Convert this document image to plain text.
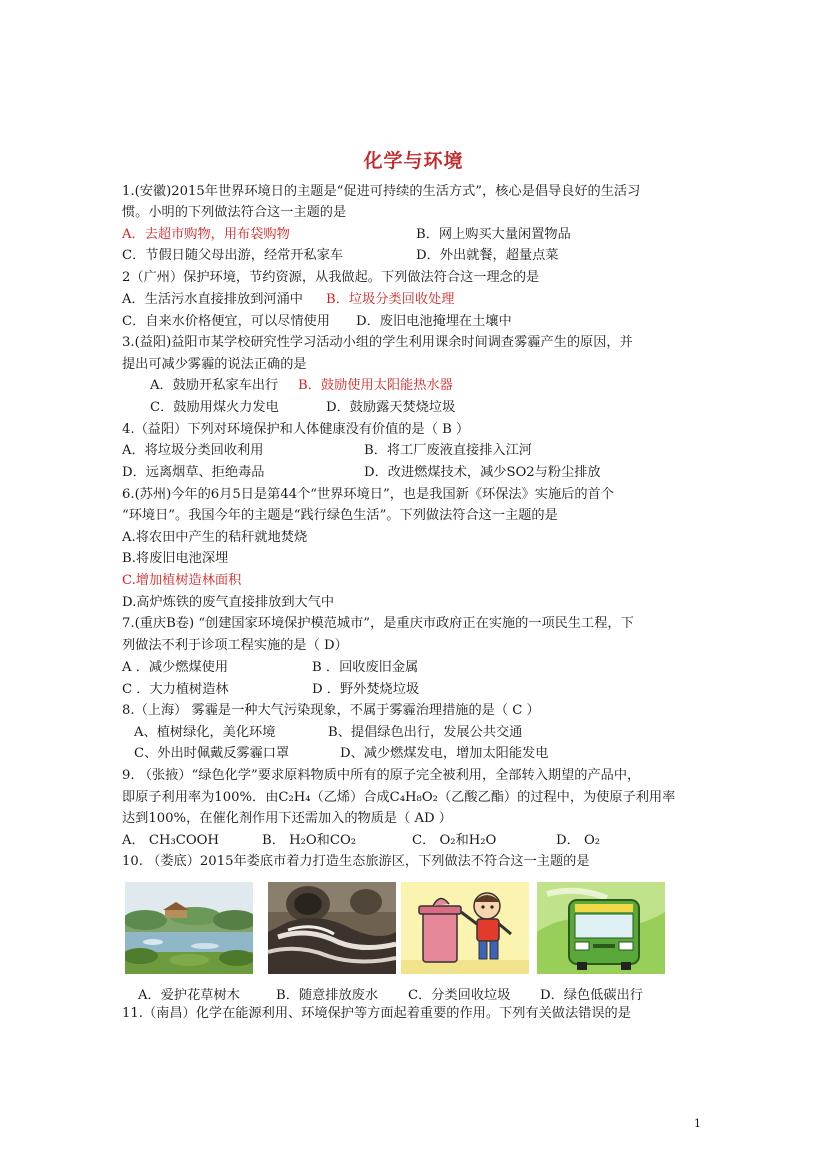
化学与环境
1.(安徽)2015年世界环境日的主题是“促进可持续的生活方式”，核心是倡导良好的生活习
惯。小明的下列做法符合这一主题的是
A．去超市购物，用布袋购物	B．网上购买大量闲置物品
C．节假日随父母出游，经常开私家车	D．外出就餐，超量点菜
2（广州）保护环境，节约资源，从我做起。下列做法符合这一理念的是
A．生活污水直接排放到河涌中 B．垃圾分类回收处理
C．自来水价格便宜，可以尽情使用 D．废旧电池掩埋在土壤中
3.(益阳)益阳市某学校研究性学习活动小组的学生利用课余时间调查雾霾产生的原因，并
提出可减少雾霾的说法正确的是
A．鼓励开私家车出行 B．鼓励使用太阳能热水器
C．鼓励用煤火力发电	D．鼓励露天焚烧垃圾
4.（益阳）下列对环境保护和人体健康没有价值的是（ B ）
A．将垃圾分类回收利用	B．将工厂废液直接排入江河
D．远离烟草、拒绝毒品	D．改进燃煤技术，减少SO2与粉尘排放
6.(苏州)今年的6月5日是第44个“世界环境日”，也是我国新《环保法》实施后的首个
“环境日”。我国今年的主题是“践行绿色生活”。下列做法符合这一主题的是
A.将农田中产生的秸秆就地焚烧
B.将废旧电池深埋
C.增加植树造林面积
D.高炉炼铁的废气直接排放到大气中
7.(重庆B卷) “创建国家环境保护模范城市”，是重庆市政府正在实施的一项民生工程，下
列做法不利于诊项工程实施的是（ D）
A ．减少燃煤使用	B ．回收废旧金属
C ．大力植树造林	D ．野外焚烧垃圾
8.（上海） 雾霾是一种大气污染现象，不属于雾霾治理措施的是（ C ）
A、植树绿化，美化环境	B、提倡绿色出行，发展公共交通
C、外出时佩戴反雾霾口罩	D、减少燃煤发电，增加太阳能发电
9. （张掖）“绿色化学”要求原料物质中所有的原子完全被利用，全部转入期望的产品中，
即原子利用率为100%．由C₂H₄（乙烯）合成C₄H₈O₂（乙酸乙酯）的过程中，为使原子利用率
达到100%，在催化剂作用下还需加入的物质是（ AD ）
A． CH₃COOH	B． H₂O和CO₂	C． O₂和H₂O	D． O₂
10. （娄底）2015年娄底市着力打造生态旅游区，下列做法不符合这一主题的是
A．爱护花草树木	B．随意排放废水 C．分类回收垃圾 D．绿色低碳出行
11.（南昌）化学在能源利用、环境保护等方面起着重要的作用。下列有关做法错误的是
1
